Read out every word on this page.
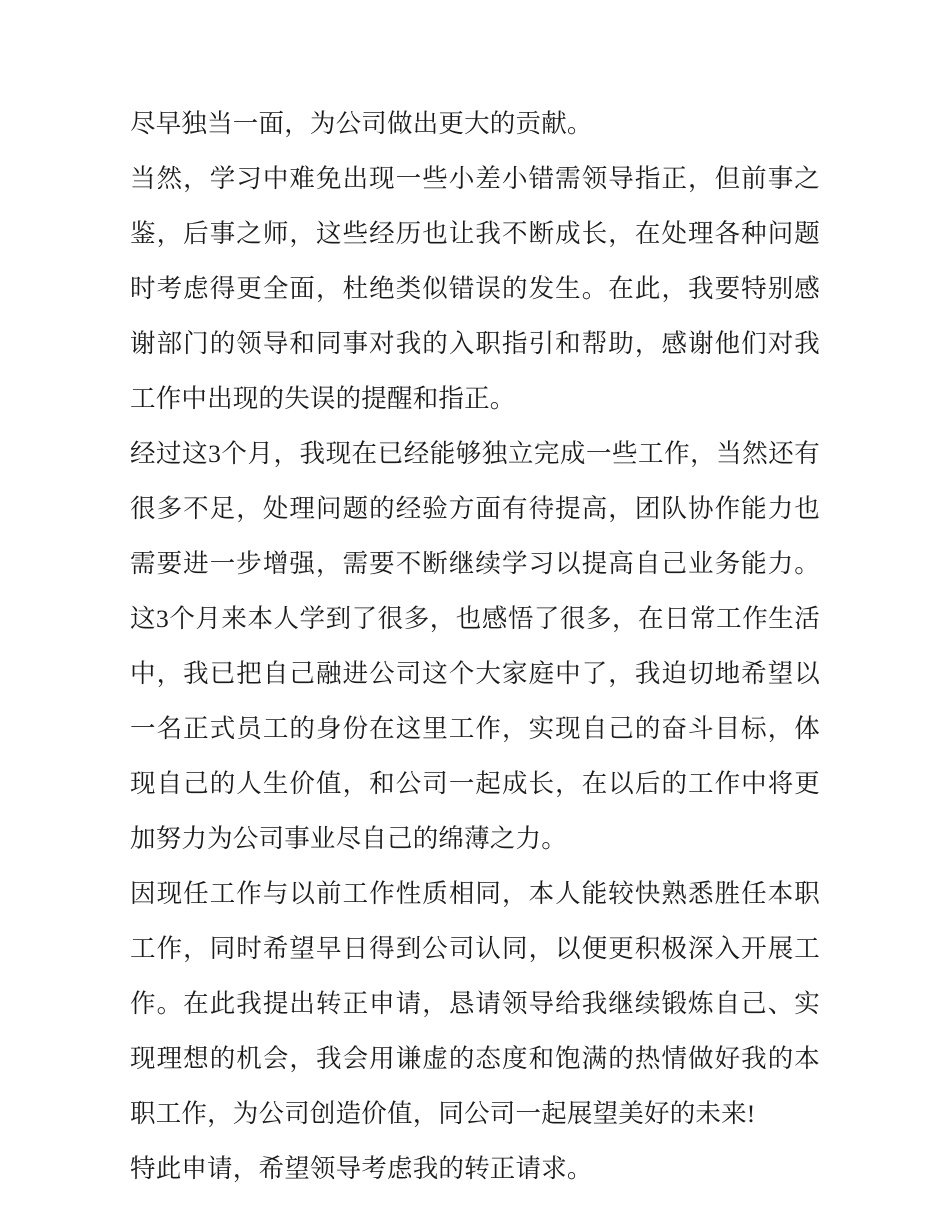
尽早独当一面，为公司做出更大的贡献。

当然，学习中难免出现一些小差小错需领导指正，但前事之鉴，后事之师，这些经历也让我不断成长，在处理各种问题时考虑得更全面，杜绝类似错误的发生。在此，我要特别感谢部门的领导和同事对我的入职指引和帮助，感谢他们对我工作中出现的失误的提醒和指正。

经过这3个月，我现在已经能够独立完成一些工作，当然还有很多不足，处理问题的经验方面有待提高，团队协作能力也需要进一步增强，需要不断继续学习以提高自己业务能力。这3个月来本人学到了很多，也感悟了很多，在日常工作生活中，我已把自己融进公司这个大家庭中了，我迫切地希望以一名正式员工的身份在这里工作，实现自己的奋斗目标，体现自己的人生价值，和公司一起成长，在以后的工作中将更加努力为公司事业尽自己的绵薄之力。

因现任工作与以前工作性质相同，本人能较快熟悉胜任本职工作，同时希望早日得到公司认同，以便更积极深入开展工作。在此我提出转正申请，恳请领导给我继续锻炼自己、实现理想的机会，我会用谦虚的态度和饱满的热情做好我的本职工作，为公司创造价值，同公司一起展望美好的未来!

特此申请，希望领导考虑我的转正请求。
